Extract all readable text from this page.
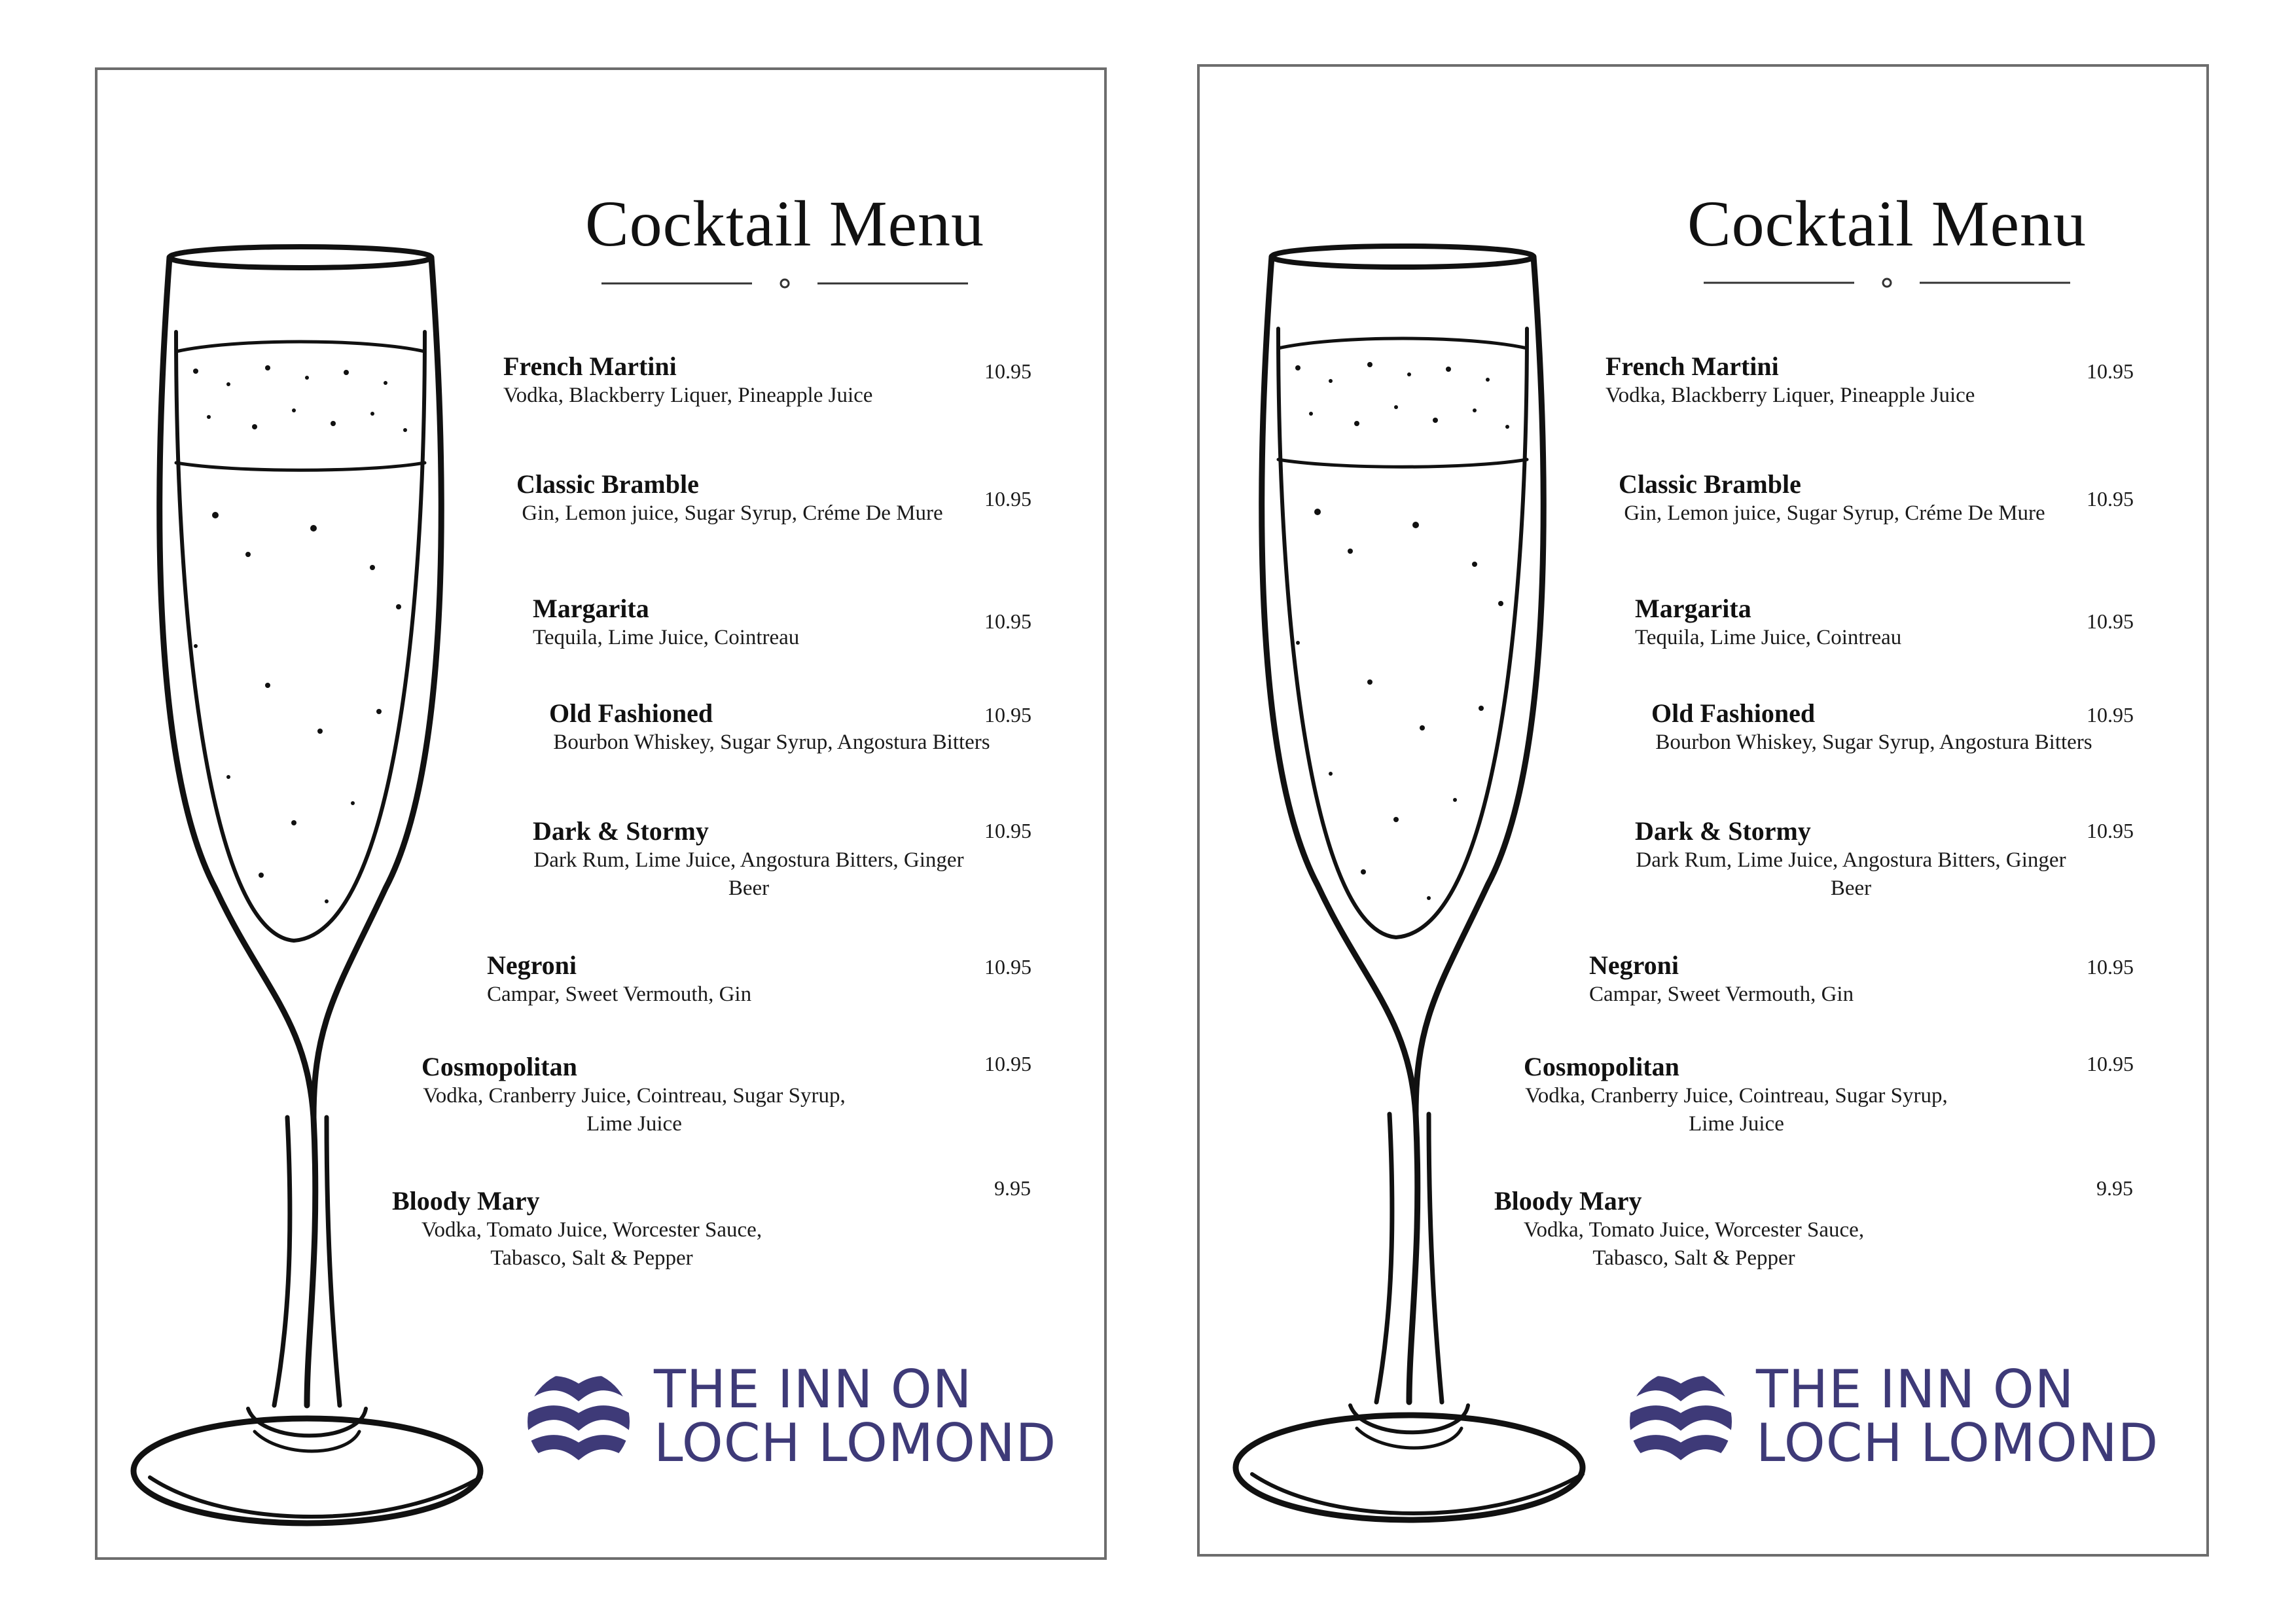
Cocktail Menu
French Martini
Vodka, Blackberry Liquer, Pineapple Juice
10.95
Classic Bramble
Gin, Lemon juice, Sugar Syrup, Créme De Mure
10.95
Margarita
Tequila, Lime Juice, Cointreau
10.95
Old Fashioned
Bourbon Whiskey, Sugar Syrup, Angostura Bitters
10.95
Dark & Stormy
Dark Rum, Lime Juice, Angostura Bitters, Ginger Beer
10.95
Negroni
Campar, Sweet Vermouth, Gin
10.95
Cosmopolitan
Vodka, Cranberry Juice, Cointreau, Sugar Syrup, Lime Juice
10.95
Bloody Mary
Vodka, Tomato Juice, Worcester Sauce, Tabasco, Salt & Pepper
9.95
THE INN ON
LOCH LOMOND
Cocktail Menu
French Martini
Vodka, Blackberry Liquer, Pineapple Juice
10.95
Classic Bramble
Gin, Lemon juice, Sugar Syrup, Créme De Mure
10.95
Margarita
Tequila, Lime Juice, Cointreau
10.95
Old Fashioned
Bourbon Whiskey, Sugar Syrup, Angostura Bitters
10.95
Dark & Stormy
Dark Rum, Lime Juice, Angostura Bitters, Ginger Beer
10.95
Negroni
Campar, Sweet Vermouth, Gin
10.95
Cosmopolitan
Vodka, Cranberry Juice, Cointreau, Sugar Syrup, Lime Juice
10.95
Bloody Mary
Vodka, Tomato Juice, Worcester Sauce, Tabasco, Salt & Pepper
9.95
THE INN ON
LOCH LOMOND
